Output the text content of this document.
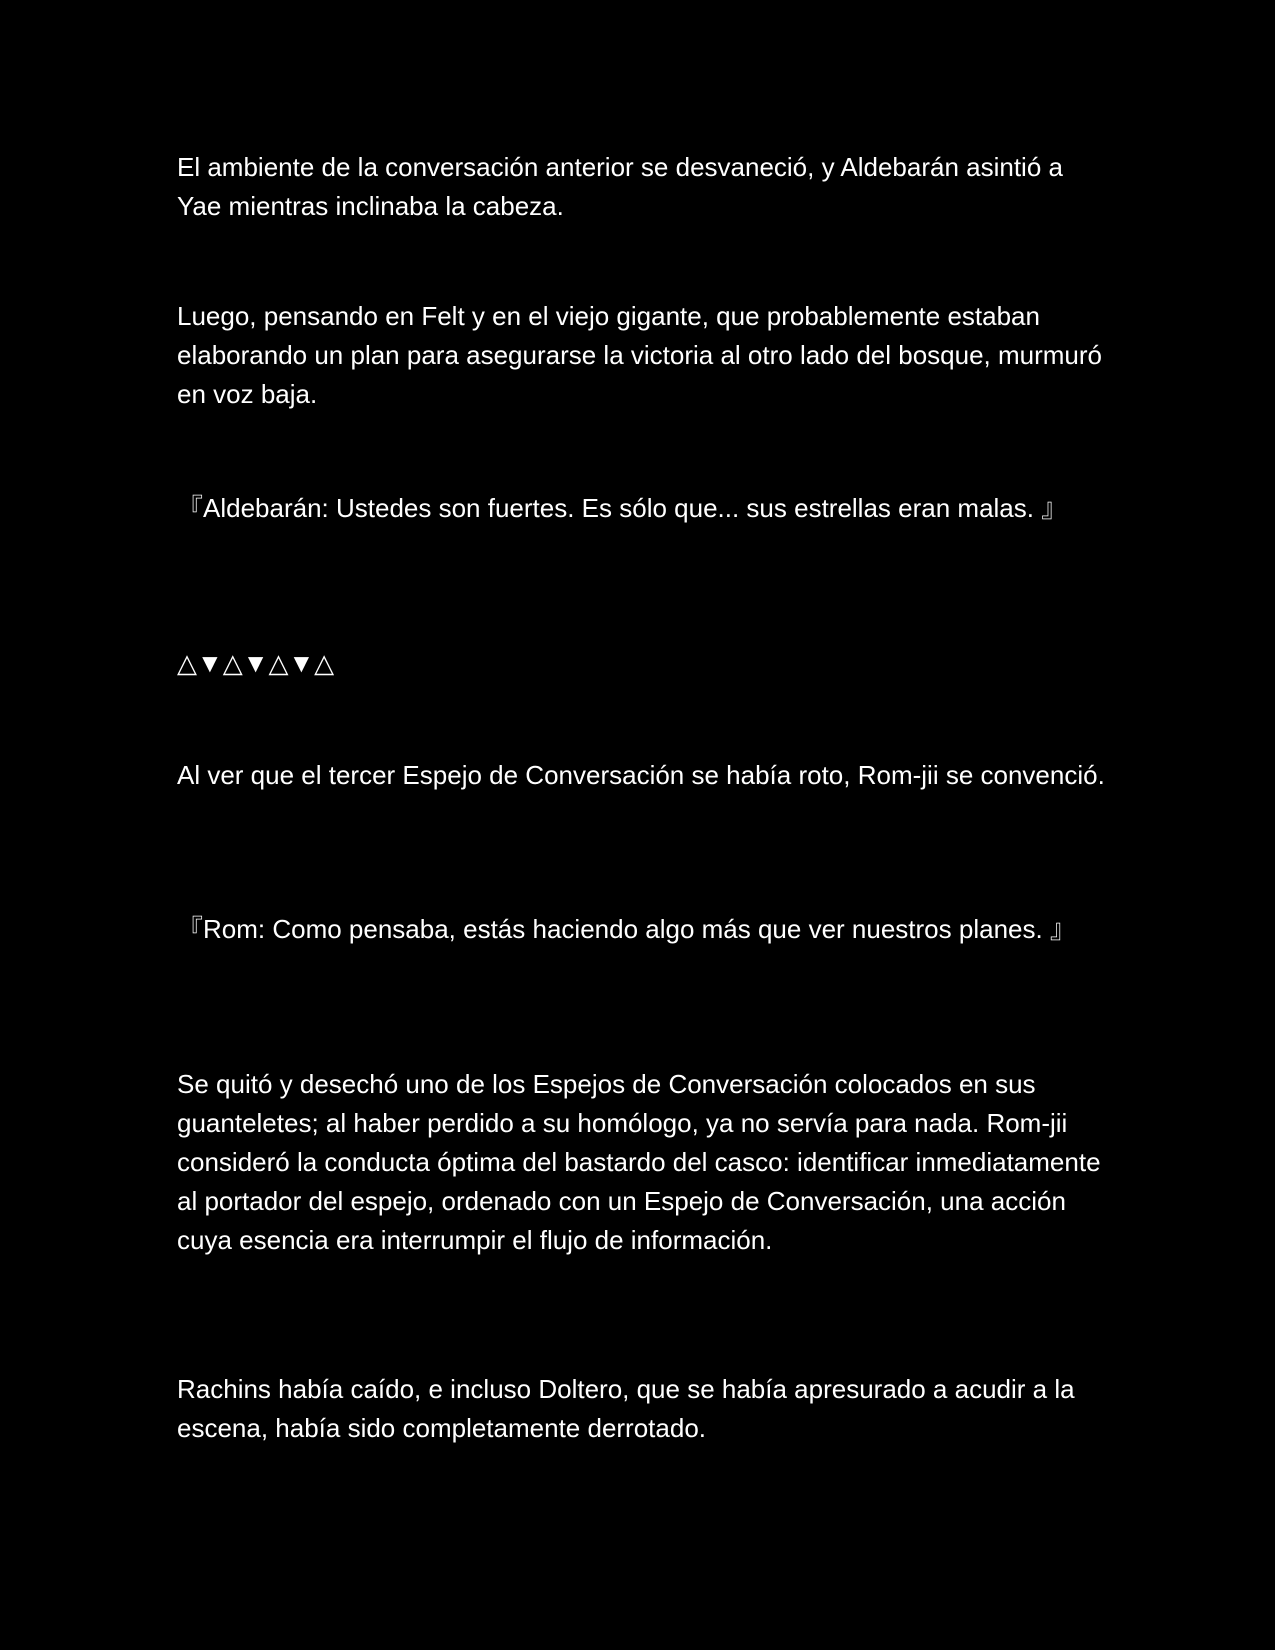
El ambiente de la conversación anterior se desvaneció, y Aldebarán asintió a Yae mientras inclinaba la cabeza.

Luego, pensando en Felt y en el viejo gigante, que probablemente estaban elaborando un plan para asegurarse la victoria al otro lado del bosque, murmuró en voz baja.

『Aldebarán: Ustedes son fuertes. Es sólo que... sus estrellas eran malas. 』

△▼△▼△▼△

Al ver que el tercer Espejo de Conversación se había roto, Rom-jii se convenció.

『Rom: Como pensaba, estás haciendo algo más que ver nuestros planes. 』

Se quitó y desechó uno de los Espejos de Conversación colocados en sus guanteletes; al haber perdido a su homólogo, ya no servía para nada. Rom-jii consideró la conducta óptima del bastardo del casco: identificar inmediatamente al portador del espejo, ordenado con un Espejo de Conversación, una acción cuya esencia era interrumpir el flujo de información.

Rachins había caído, e incluso Doltero, que se había apresurado a acudir a la escena, había sido completamente derrotado.
